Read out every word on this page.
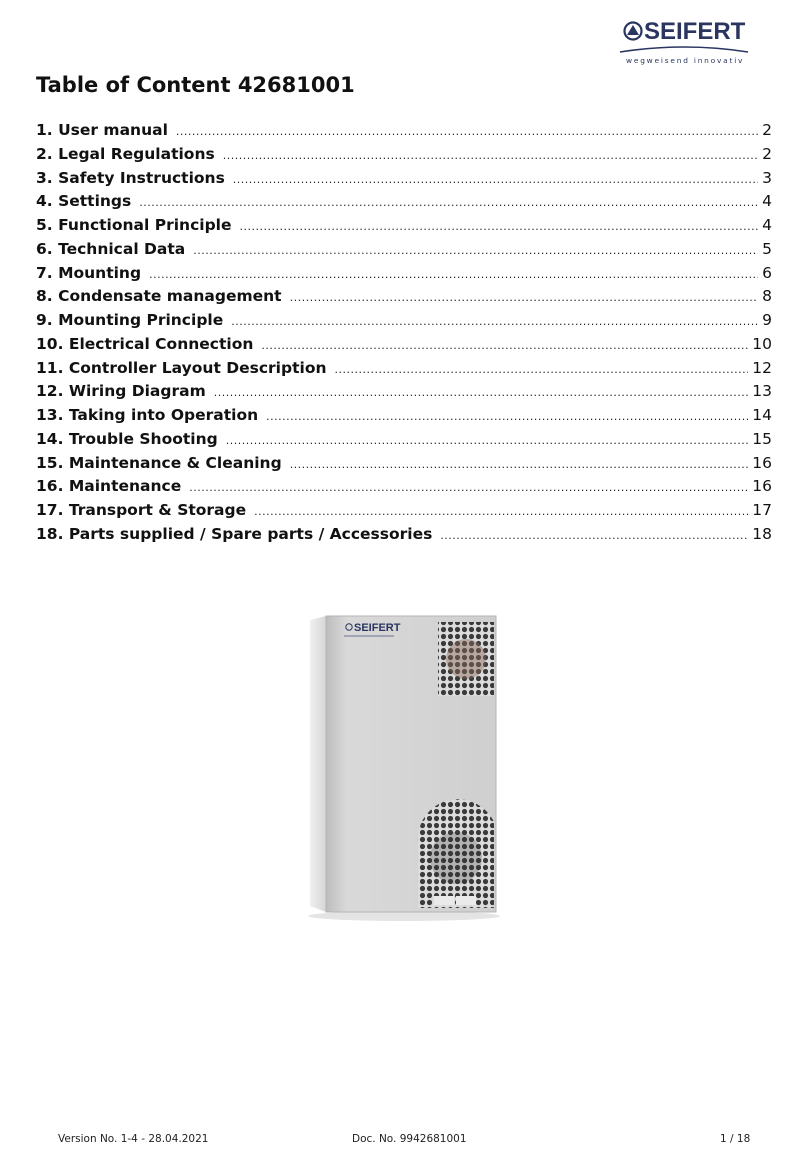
SEIFERT
wegweisend innovativ
Table of Content 42681001
1. User manual .....	2
2. Legal Regulations .....	2
3. Safety Instructions .....	3
4. Settings .....	4
5. Functional Principle .....	4
6. Technical Data .....	5
7. Mounting .....	6
8. Condensate management .....	8
9. Mounting Principle .....	9
10. Electrical Connection .....	10
11. Controller Layout Description .....	12
12. Wiring Diagram .....	13
13. Taking into Operation .....	14
14. Trouble Shooting .....	15
15. Maintenance & Cleaning .....	16
16. Maintenance .....	16
17. Transport & Storage .....	17
18. Parts supplied / Spare parts / Accessories .....	18
SEIFERT
Version No. 1-4 - 28.04.2021	Doc. No. 9942681001	1 / 18
